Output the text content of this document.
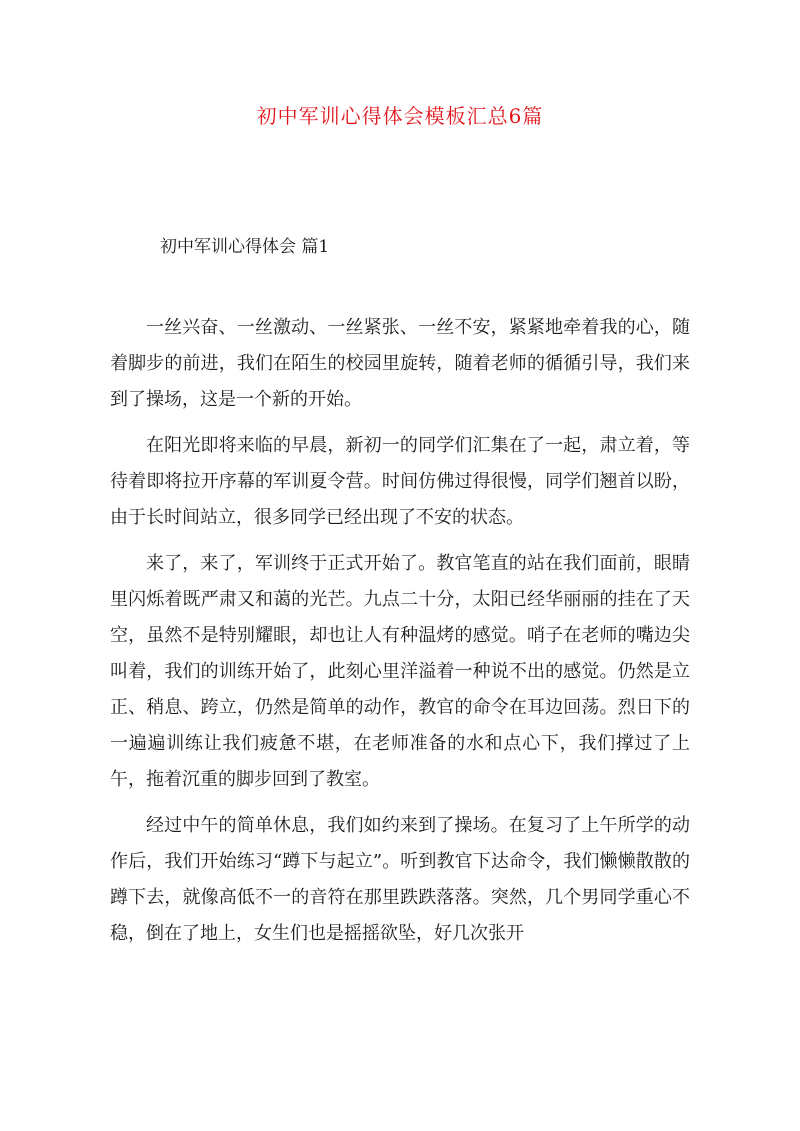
初中军训心得体会模板汇总6篇
初中军训心得体会 篇1

一丝兴奋、一丝激动、一丝紧张、一丝不安，紧紧地牵着我的心，随着脚步的前进，我们在陌生的校园里旋转，随着老师的循循引导，我们来到了操场，这是一个新的开始。

在阳光即将来临的早晨，新初一的同学们汇集在了一起，肃立着，等待着即将拉开序幕的军训夏令营。时间仿佛过得很慢，同学们翘首以盼，由于长时间站立，很多同学已经出现了不安的状态。

来了，来了，军训终于正式开始了。教官笔直的站在我们面前，眼睛里闪烁着既严肃又和蔼的光芒。九点二十分，太阳已经华丽丽的挂在了天空，虽然不是特别耀眼，却也让人有种温烤的感觉。哨子在老师的嘴边尖叫着，我们的训练开始了，此刻心里洋溢着一种说不出的感觉。仍然是立正、稍息、跨立，仍然是简单的动作，教官的命令在耳边回荡。烈日下的一遍遍训练让我们疲惫不堪，在老师准备的水和点心下，我们撑过了上午，拖着沉重的脚步回到了教室。

经过中午的简单休息，我们如约来到了操场。在复习了上午所学的动作后，我们开始练习“蹲下与起立”。听到教官下达命令，我们懒懒散散的蹲下去，就像高低不一的音符在那里跌跌落落。突然，几个男同学重心不稳，倒在了地上，女生们也是摇摇欲坠，好几次张开
